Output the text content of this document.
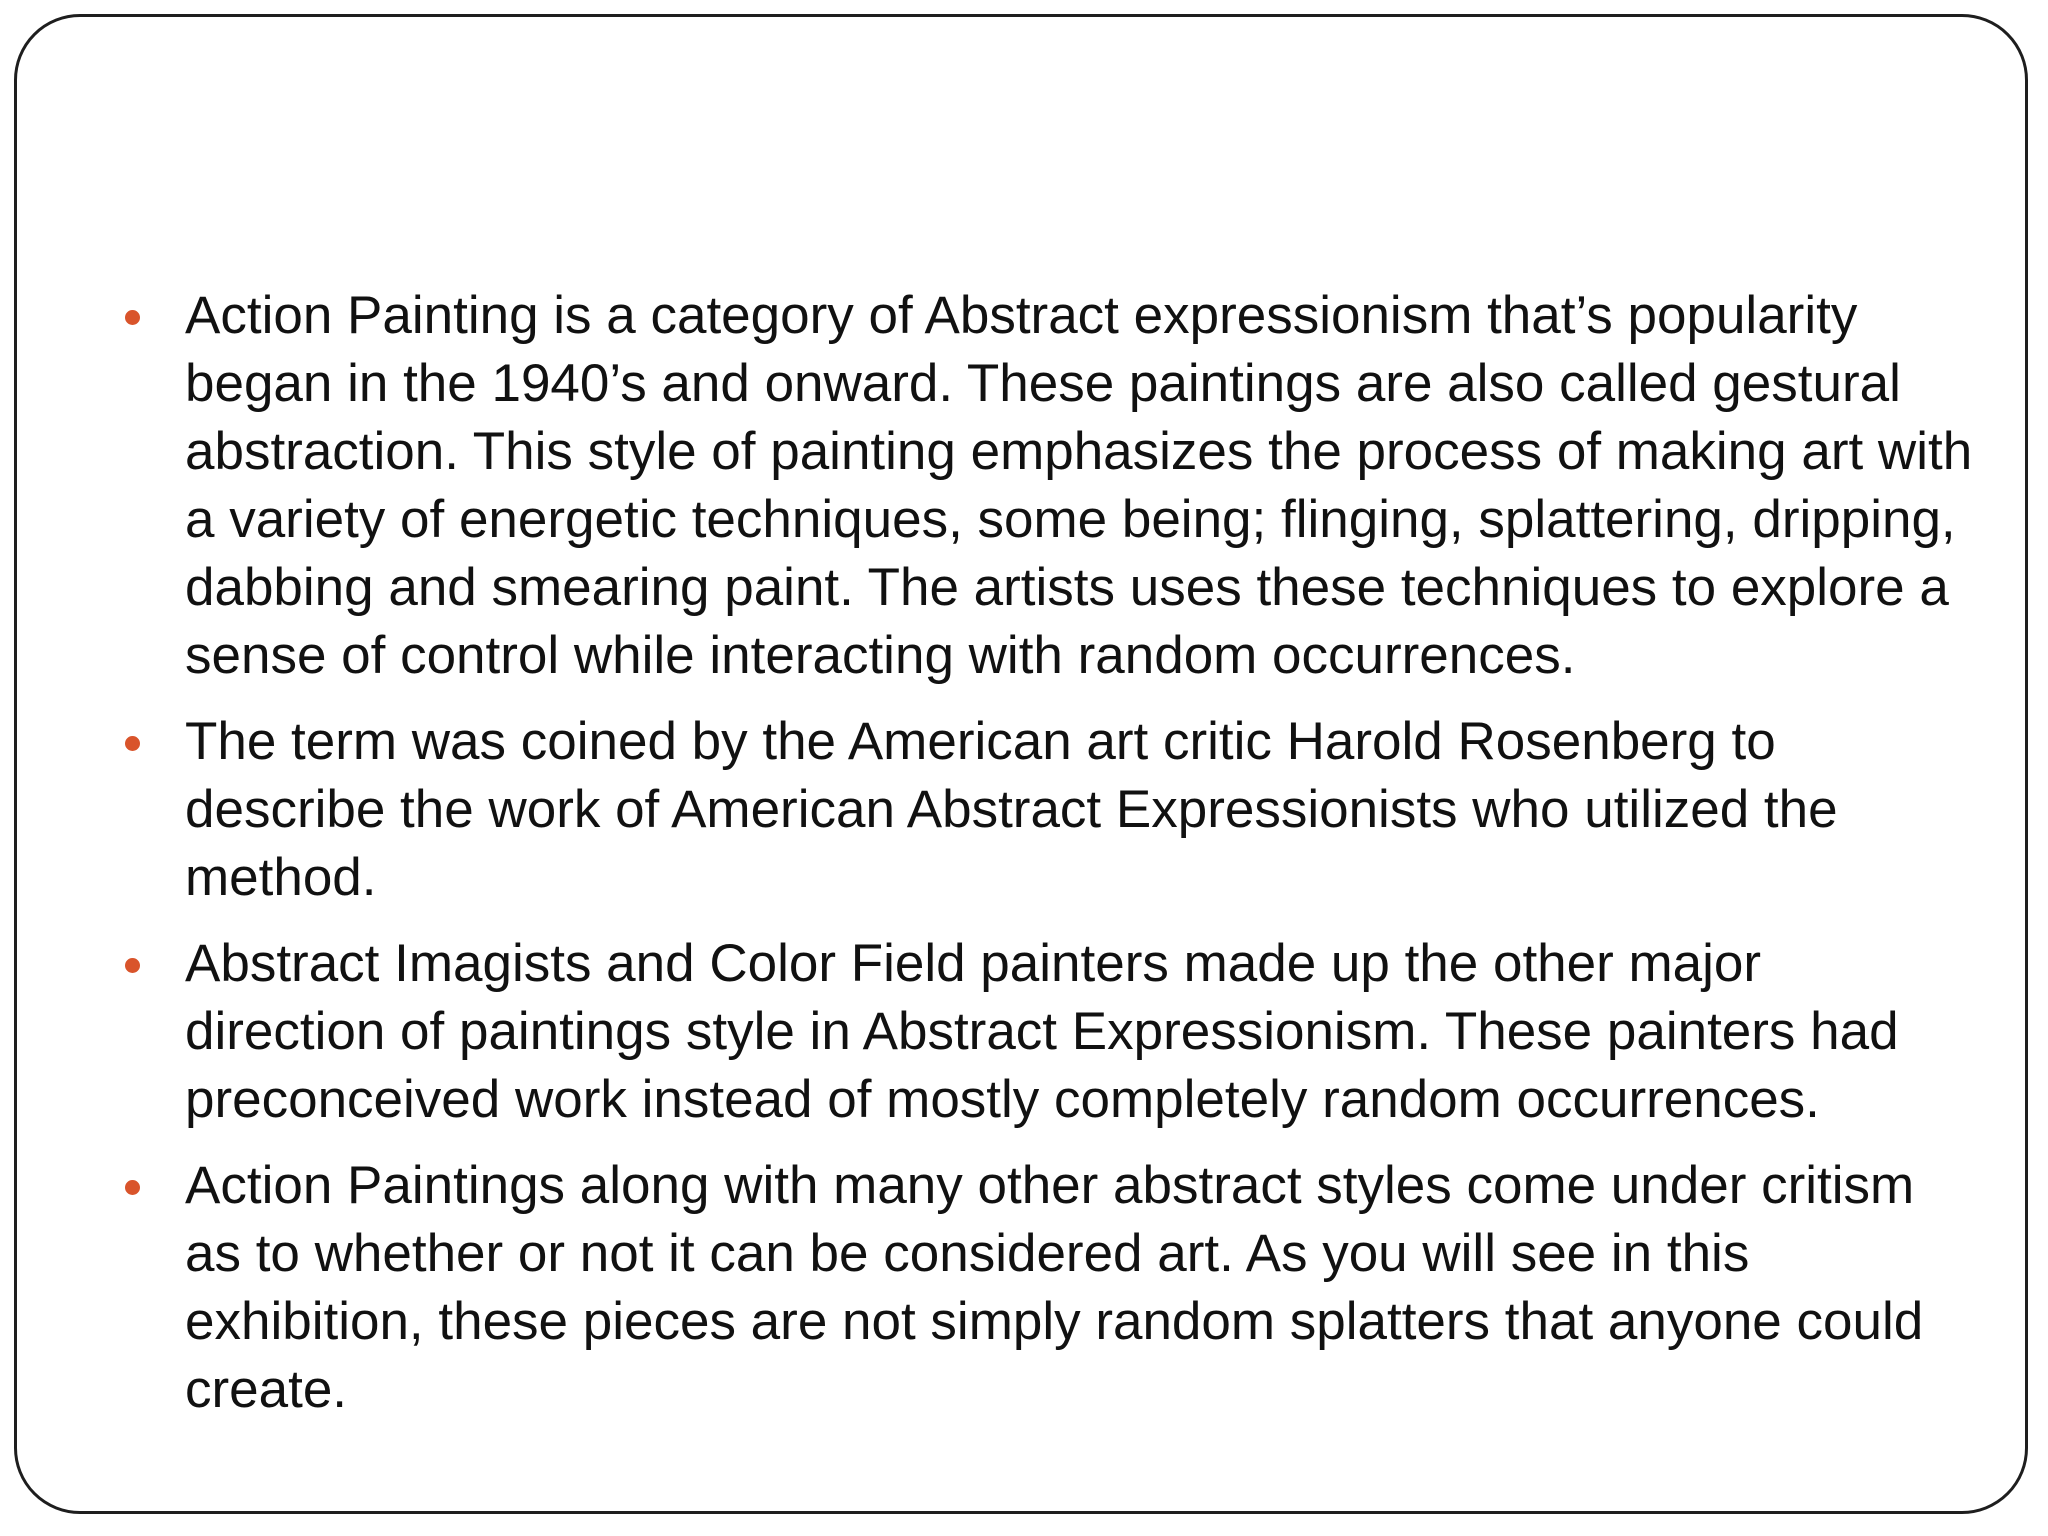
Action Painting is a category of Abstract expressionism that’s popularity began in the 1940’s and onward. These paintings are also called gestural abstraction. This style of painting emphasizes the process of making art with a variety of energetic techniques, some being; flinging, splattering, dripping, dabbing and smearing paint. The artists uses these techniques to explore a sense of control while interacting with random occurrences.
The term was coined by the American art critic Harold Rosenberg to describe the work of American Abstract Expressionists who utilized the method.
Abstract Imagists and Color Field painters made up the other major direction of paintings style in Abstract Expressionism. These painters had preconceived work instead of mostly completely random occurrences.
Action Paintings along with many other abstract styles come under critism as to whether or not it can be considered art. As you will see in this exhibition, these pieces are not simply random splatters that anyone could create.
